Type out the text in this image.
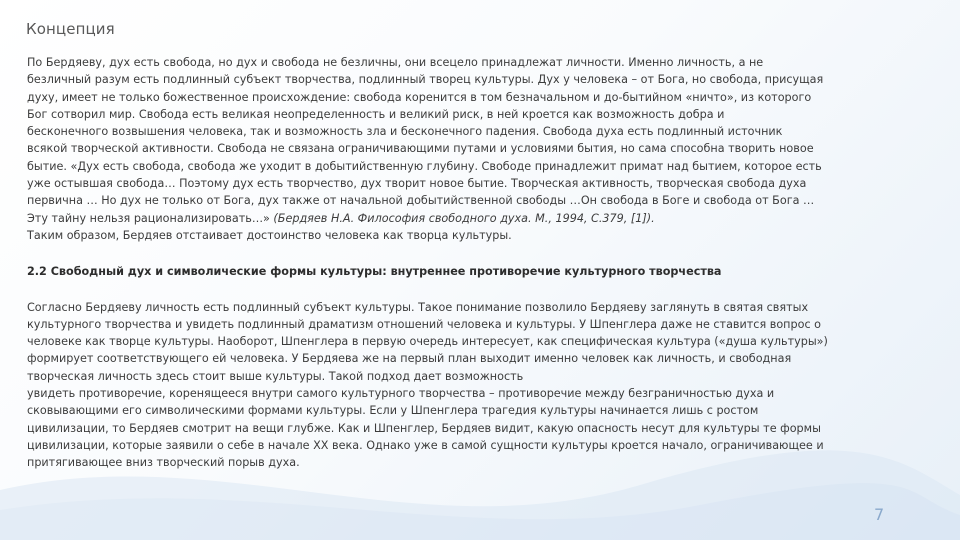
Концепция

По Бердяеву, дух есть свобода, но дух и свобода не безличны, они всецело принадлежат личности. Именно личность, а не

безличный разум есть подлинный субъект творчества, подлинный творец культуры. Дух у человека – от Бога, но свобода, присущая

духу, имеет не только божественное происхождение: свобода коренится в том безначальном и до-бытийном «ничто», из которого

Бог сотворил мир. Свобода есть великая неопределенность и великий риск, в ней кроется как возможность добра и

бесконечного возвышения человека, так и возможность зла и бесконечного падения. Свобода духа есть подлинный источник

всякой творческой активности. Свобода не связана ограничивающими путами и условиями бытия, но сама способна творить новое

бытие. «Дух есть свобода, свобода же уходит в добытийственную глубину. Свободе принадлежит примат над бытием, которое есть

уже остывшая свобода… Поэтому дух есть творчество, дух творит новое бытие. Творческая активность, творческая свобода духа

первична … Но дух не только от Бога, дух также от начальной добытийственной свободы …Он свобода в Боге и свобода от Бога …

Эту тайну нельзя рационализировать…» (Бердяев Н.А. Философия свободного духа. М., 1994, С.379, [1]).

Таким образом, Бердяев отстаивает достоинство человека как творца культуры.

2.2 Свободный дух и символические формы культуры: внутреннее противоречие культурного творчества

Согласно Бердяеву личность есть подлинный субъект культуры. Такое понимание позволило Бердяеву заглянуть в святая святых

культурного творчества и увидеть подлинный драматизм отношений человека и культуры. У Шпенглера даже не ставится вопрос о

человеке как творце культуры. Наоборот, Шпенглера в первую очередь интересует, как специфическая культура («душа культуры»)

формирует соответствующего ей человека. У Бердяева же на первый план выходит именно человек как личность, и свободная

творческая личность здесь стоит выше культуры. Такой подход дает возможность

увидеть противоречие, коренящееся внутри самого культурного творчества – противоречие между безграничностью духа и

сковывающими его символическими формами культуры. Если у Шпенглера трагедия культуры начинается лишь с ростом

цивилизации, то Бердяев смотрит на вещи глубже. Как и Шпенглер, Бердяев видит, какую опасность несут для культуры те формы

цивилизации, которые заявили о себе в начале XX века. Однако уже в самой сущности культуры кроется начало, ограничивающее и

притягивающее вниз творческий порыв духа.

7
